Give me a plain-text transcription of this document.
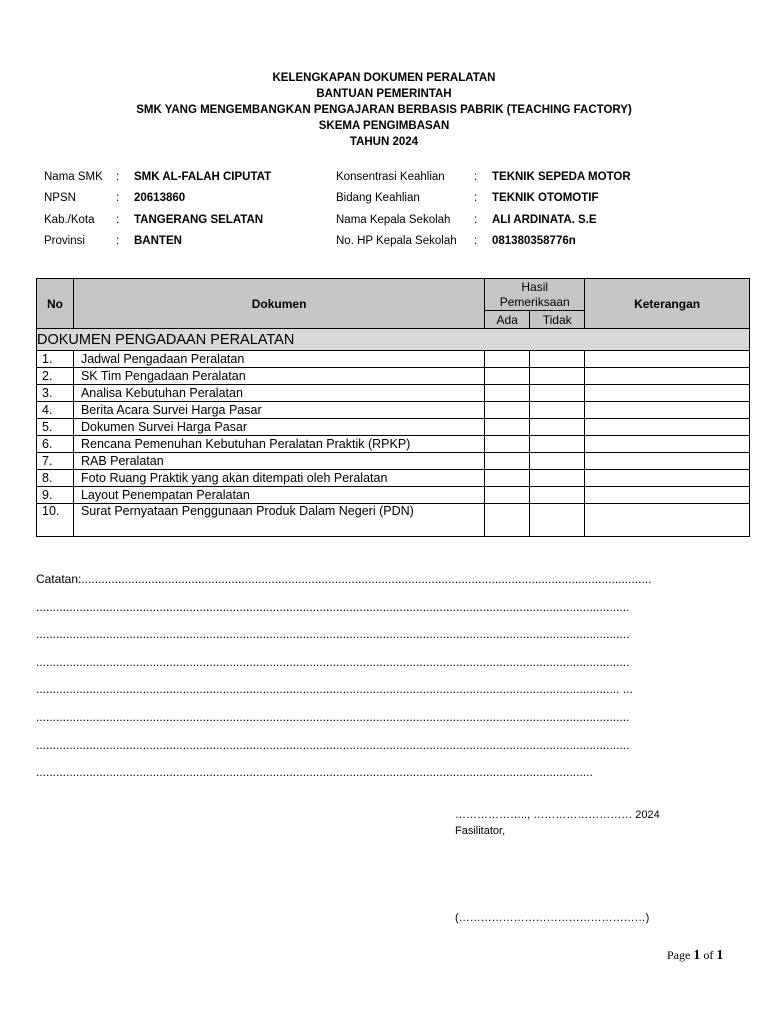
KELENGKAPAN DOKUMEN PERALATAN
BANTUAN PEMERINTAH
SMK YANG MENGEMBANGKAN PENGAJARAN BERBASIS PABRIK (TEACHING FACTORY)
SKEMA PENGIMBASAN
TAHUN 2024
Nama SMK	:	SMK AL-FALAH CIPUTAT	Konsentrasi Keahlian	:	TEKNIK SEPEDA MOTOR
NPSN	:	20613860	Bidang Keahlian	:	TEKNIK OTOMOTIF
Kab./Kota	:	TANGERANG SELATAN	Nama Kepala Sekolah	:	ALI ARDINATA. S.E
Provinsi	:	BANTEN	No. HP Kepala Sekolah	:	081380358776n
No	Dokumen	Hasil Pemeriksaan		Keterangan
		Ada	Tidak	
DOKUMEN PENGADAAN PERALATAN				
1.	Jadwal Pengadaan Peralatan			
2.	SK Tim Pengadaan Peralatan			
3.	Analisa Kebutuhan Peralatan			
4.	Berita Acara Survei Harga Pasar			
5.	Dokumen Survei Harga Pasar			
6.	Rencana Pemenuhan Kebutuhan Peralatan Praktik (RPKP)			
7.	RAB Peralatan			
8.	Foto Ruang Praktik yang akan ditempati oleh Peralatan			
9.	Layout Penempatan Peralatan			
10.	Surat Pernyataan Penggunaan Produk Dalam Negeri (PDN)			
Catatan:...........................................................................................................................................................................
..................................................................................................................................................................................
..................................................................................................................................................................................
..................................................................................................................................................................................
............................................................................................................................................................................... ...
..................................................................................................................................................................................
..................................................................................................................................................................................
.......................................................................................................................................................................
……………….., ……………………… 2024
Fasilitator,
(……………………………………………)
Page 1 of 1
